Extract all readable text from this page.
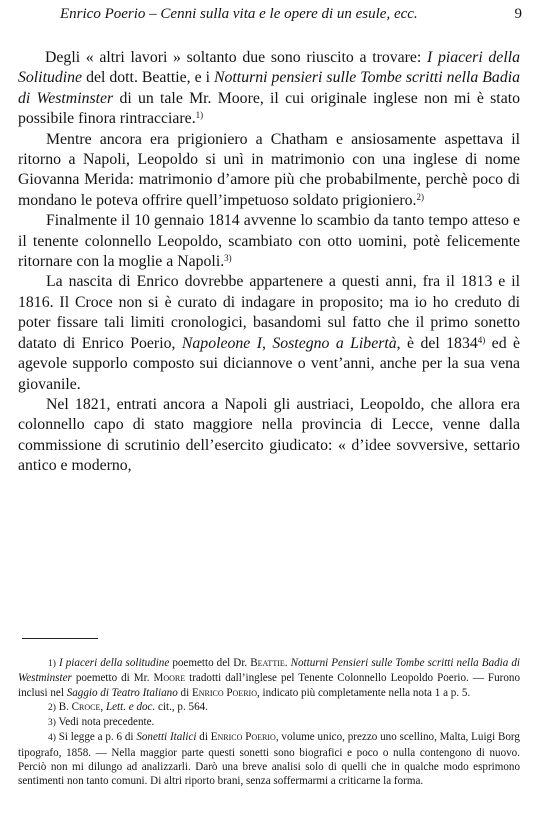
Enrico Poerio – Cenni sulla vita e le opere di un esule, ecc.	9

Degli « altri lavori » soltanto due sono riuscito a trovare: I piaceri della Solitudine del dott. Beattie, e i Notturni pensieri sulle Tombe scritti nella Badia di Westminster di un tale Mr. Moore, il cui originale inglese non mi è stato possibile finora rintracciare.$^{1)}$

Mentre ancora era prigioniero a Chatham e ansiosamente aspettava il ritorno a Napoli, Leopoldo si unì in matrimonio con una inglese di nome Giovanna Merida: matrimonio d’amore più che probabilmente, perchè poco di mondano le poteva offrire quell’impetuoso soldato prigioniero.$^{2)}$

Finalmente il 10 gennaio 1814 avvenne lo scambio da tanto tempo atteso e il tenente colonnello Leopoldo, scambiato con otto uomini, potè felicemente ritornare con la moglie a Napoli.$^{3)}$

La nascita di Enrico dovrebbe appartenere a questi anni, fra il 1813 e il 1816. Il Croce non si è curato di indagare in proposito; ma io ho creduto di poter fissare tali limiti cronologici, basandomi sul fatto che il primo sonetto datato di Enrico Poerio, Napoleone I, Sostegno a Libertà, è del 1834$^{4)}$ ed è agevole supporlo composto sui diciannove o vent’anni, anche per la sua vena giovanile.

Nel 1821, entrati ancora a Napoli gli austriaci, Leopoldo, che allora era colonnello capo di stato maggiore nella provincia di Lecce, venne dalla commissione di scrutinio dell’esercito giudicato: « d’idee sovversive, settario antico e moderno,

1) I piaceri della solitudine poemetto del Dr. Beattie. Notturni Pensieri sulle Tombe scritti nella Badia di Westminster poemetto di Mr. Moore tradotti dall’inglese pel Tenente Colonnello Leopoldo Poerio. — Furono inclusi nel Saggio di Teatro Italiano di Enrico Poerio, indicato più completamente nella nota 1 a p. 5.

2) B. Croce, Lett. e doc. cit., p. 564.

3) Vedi nota precedente.

4) Si legge a p. 6 di Sonetti Italici di Enrico Poerio, volume unico, prezzo uno scellino, Malta, Luigi Borg tipografo, 1858. — Nella maggior parte questi sonetti sono biografici e poco o nulla contengono di nuovo. Perciò non mi dilungo ad analizzarli. Darò una breve analisi solo di quelli che in qualche modo esprimono sentimenti non tanto comuni. Di altri riporto brani, senza soffermarmi a criticarne la forma.
